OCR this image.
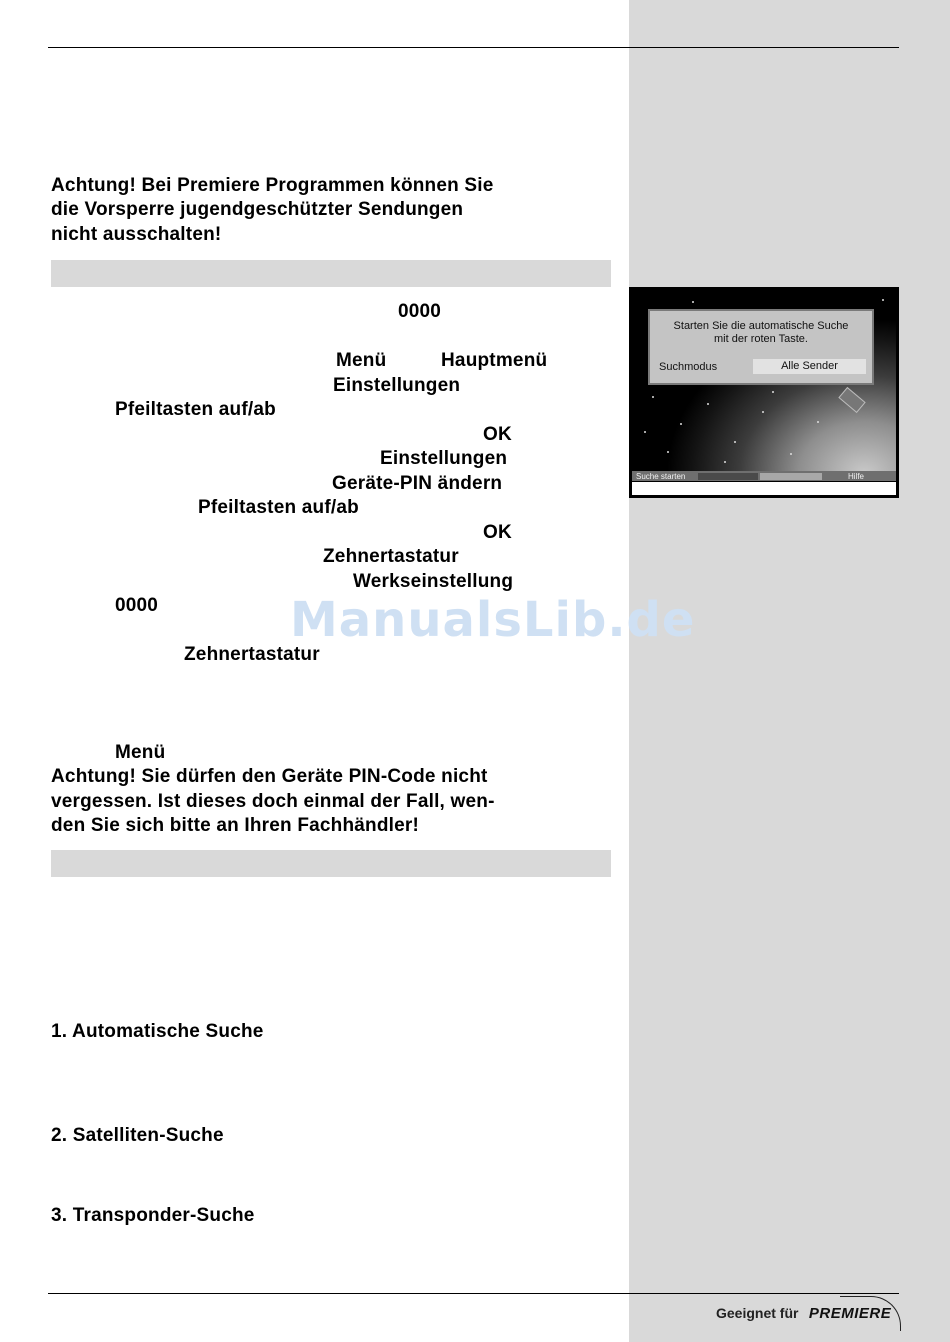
Achtung! Bei Premiere Programmen können Sie
die Vorsperre jugendgeschützter Sendungen
nicht ausschalten!
0000
Menü	Hauptmenü
Einstellungen
Pfeiltasten auf/ab
OK
Einstellungen
Geräte-PIN ändern
Pfeiltasten auf/ab
OK
Zehnertastatur
Werkseinstellung
0000
Zehnertastatur
Menü
Achtung! Sie dürfen den Geräte PIN-Code nicht
vergessen. Ist dieses doch einmal der Fall, wen-
den Sie sich bitte an Ihren Fachhändler!
1. Automatische Suche
2. Satelliten-Suche
3. Transponder-Suche
ManualsLib.de
Starten Sie die automatische Suche
mit der roten Taste.
Suchmodus	Alle Sender
Suche starten	Hilfe
Geeignet für PREMIERE
